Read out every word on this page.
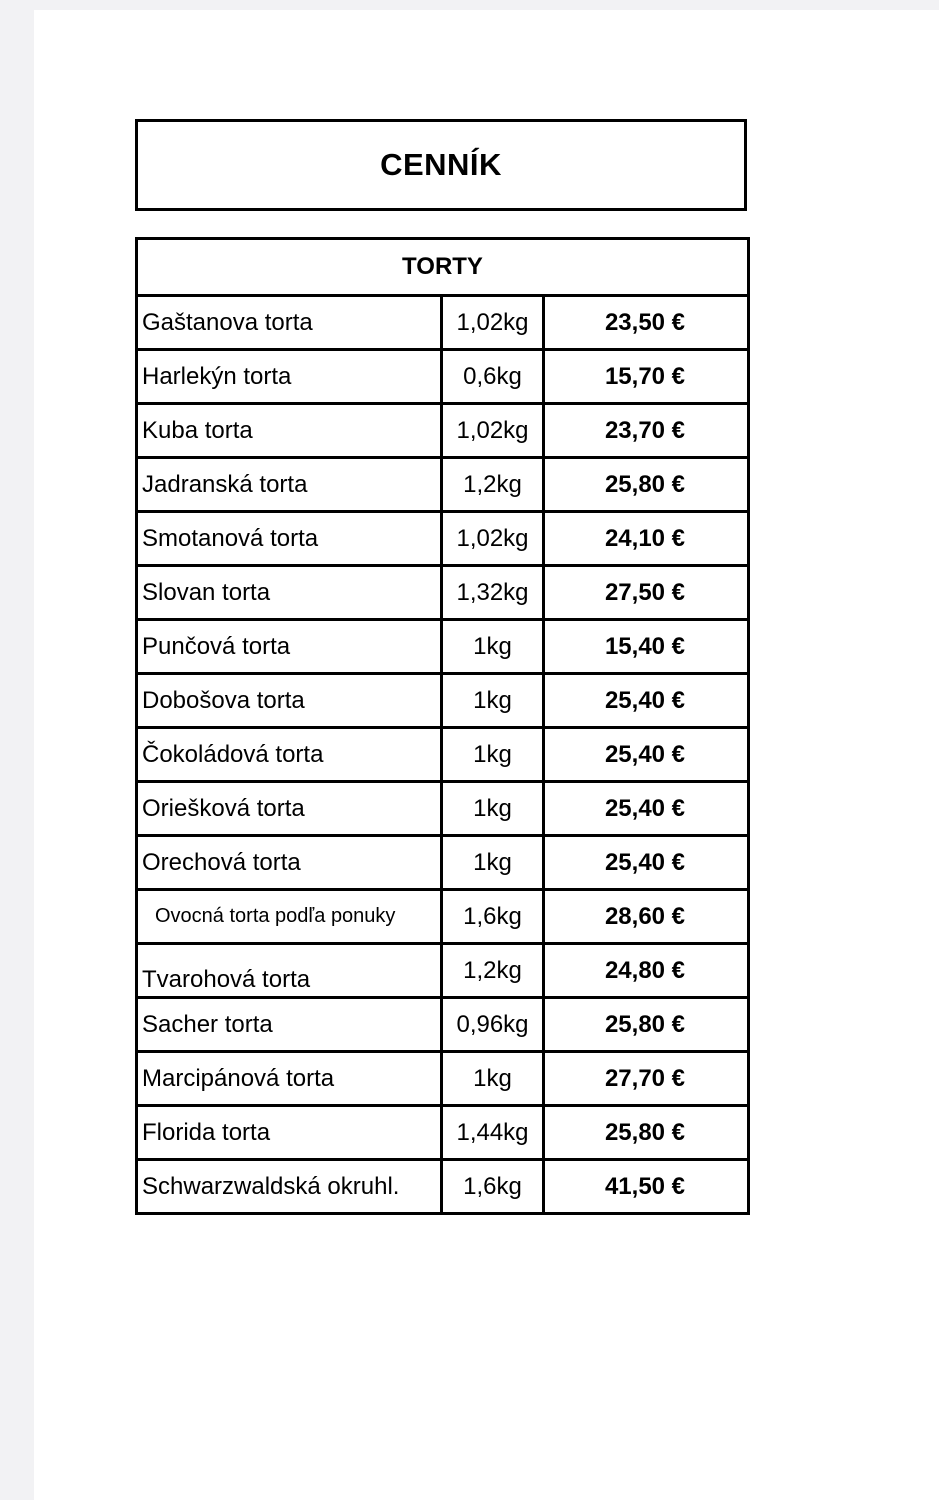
CENNÍK
TORTY		
Gaštanova torta	1,02kg	23,50 €
Harlekýn torta	0,6kg	15,70 €
Kuba torta	1,02kg	23,70 €
Jadranská torta	1,2kg	25,80 €
Smotanová torta	1,02kg	24,10 €
Slovan torta	1,32kg	27,50 €
Punčová torta	1kg	15,40 €
Dobošova torta	1kg	25,40 €
Čokoládová torta	1kg	25,40 €
Oriešková torta	1kg	25,40 €
Orechová torta	1kg	25,40 €
Ovocná torta podľa ponuky	1,6kg	28,60 €
Tvarohová torta	1,2kg	24,80 €
Sacher torta	0,96kg	25,80 €
Marcipánová torta	1kg	27,70 €
Florida torta	1,44kg	25,80 €
Schwarzwaldská okruhl.	1,6kg	41,50 €
